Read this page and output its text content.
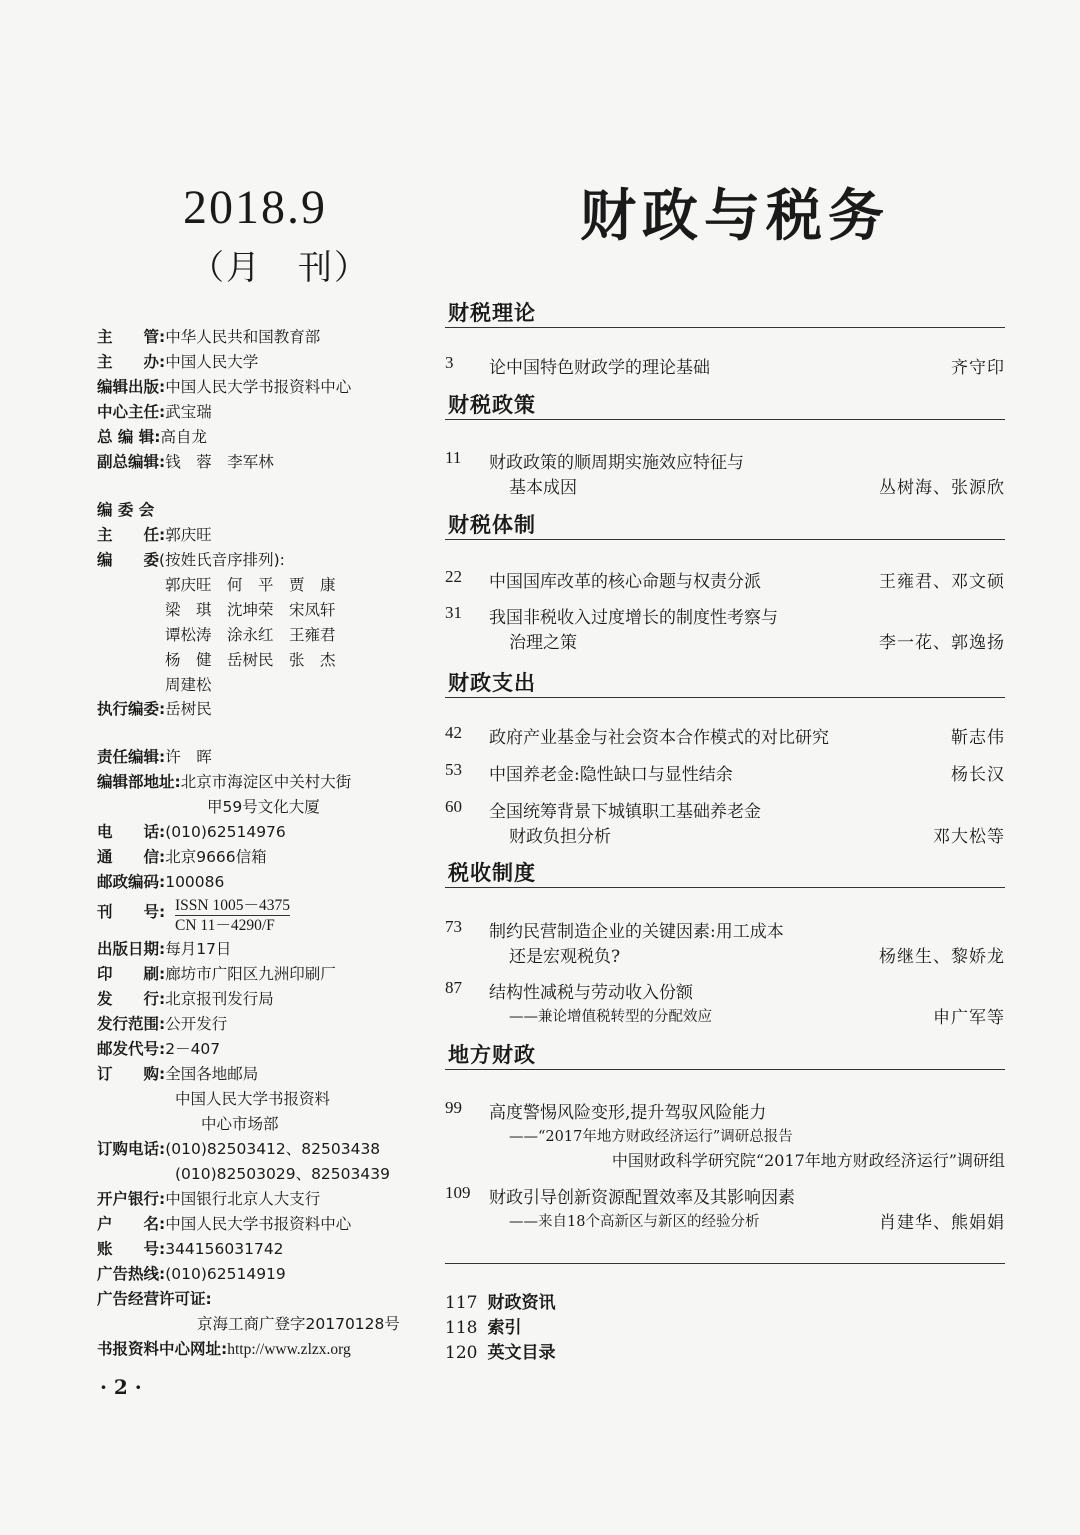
2018.9
（月　刊）
财政与税务
主　　管:中华人民共和国教育部
主　　办:中国人民大学
编辑出版:中国人民大学书报资料中心
中心主任:武宝瑞
总 编 辑:高自龙
副总编辑:钱　蓉　李军林
编 委 会
主　　任:郭庆旺
编　　委(按姓氏音序排列):
郭庆旺　何　平　贾　康
梁　琪　沈坤荣　宋凤轩
谭松涛　涂永红　王雍君
杨　健　岳树民　张　杰
周建松
执行编委:岳树民
责任编辑:许　晖
编辑部地址:北京市海淀区中关村大街
甲59号文化大厦
电　　话:(010)62514976
通　　信:北京9666信箱
邮政编码:100086
刊　　号: ISSN 1005－4375
CN 11－4290/F
出版日期:每月17日
印　　刷:廊坊市广阳区九洲印刷厂
发　　行:北京报刊发行局
发行范围:公开发行
邮发代号:2－407
订　　购:全国各地邮局
中国人民大学书报资料
中心市场部
订购电话:(010)82503412、82503438
(010)82503029、82503439
开户银行:中国银行北京人大支行
户　　名:中国人民大学书报资料中心
账　　号:344156031742
广告热线:(010)62514919
广告经营许可证:
京海工商广登字20170128号
书报资料中心网址:http://www.zlzx.org
财税理论
3 论中国特色财政学的理论基础	齐守印
财税政策
11 财政政策的顺周期实施效应特征与
基本成因	丛树海、张源欣
财税体制
22 中国国库改革的核心命题与权责分派	王雍君、邓文硕
31 我国非税收入过度增长的制度性考察与
治理之策	李一花、郭逸扬
财政支出
42 政府产业基金与社会资本合作模式的对比研究	靳志伟
53 中国养老金:隐性缺口与显性结余	杨长汉
60 全国统筹背景下城镇职工基础养老金
财政负担分析	邓大松等
税收制度
73 制约民营制造企业的关键因素:用工成本
还是宏观税负?	杨继生、黎娇龙
87 结构性减税与劳动收入份额
——兼论增值税转型的分配效应	申广军等
地方财政
99 高度警惕风险变形,提升驾驭风险能力
——“2017年地方财政经济运行”调研总报告
中国财政科学研究院“2017年地方财政经济运行”调研组
109 财政引导创新资源配置效率及其影响因素
——来自18个高新区与新区的经验分析	肖建华、熊娟娟
117 财政资讯
118 索引
120 英文目录
· 2 ·
